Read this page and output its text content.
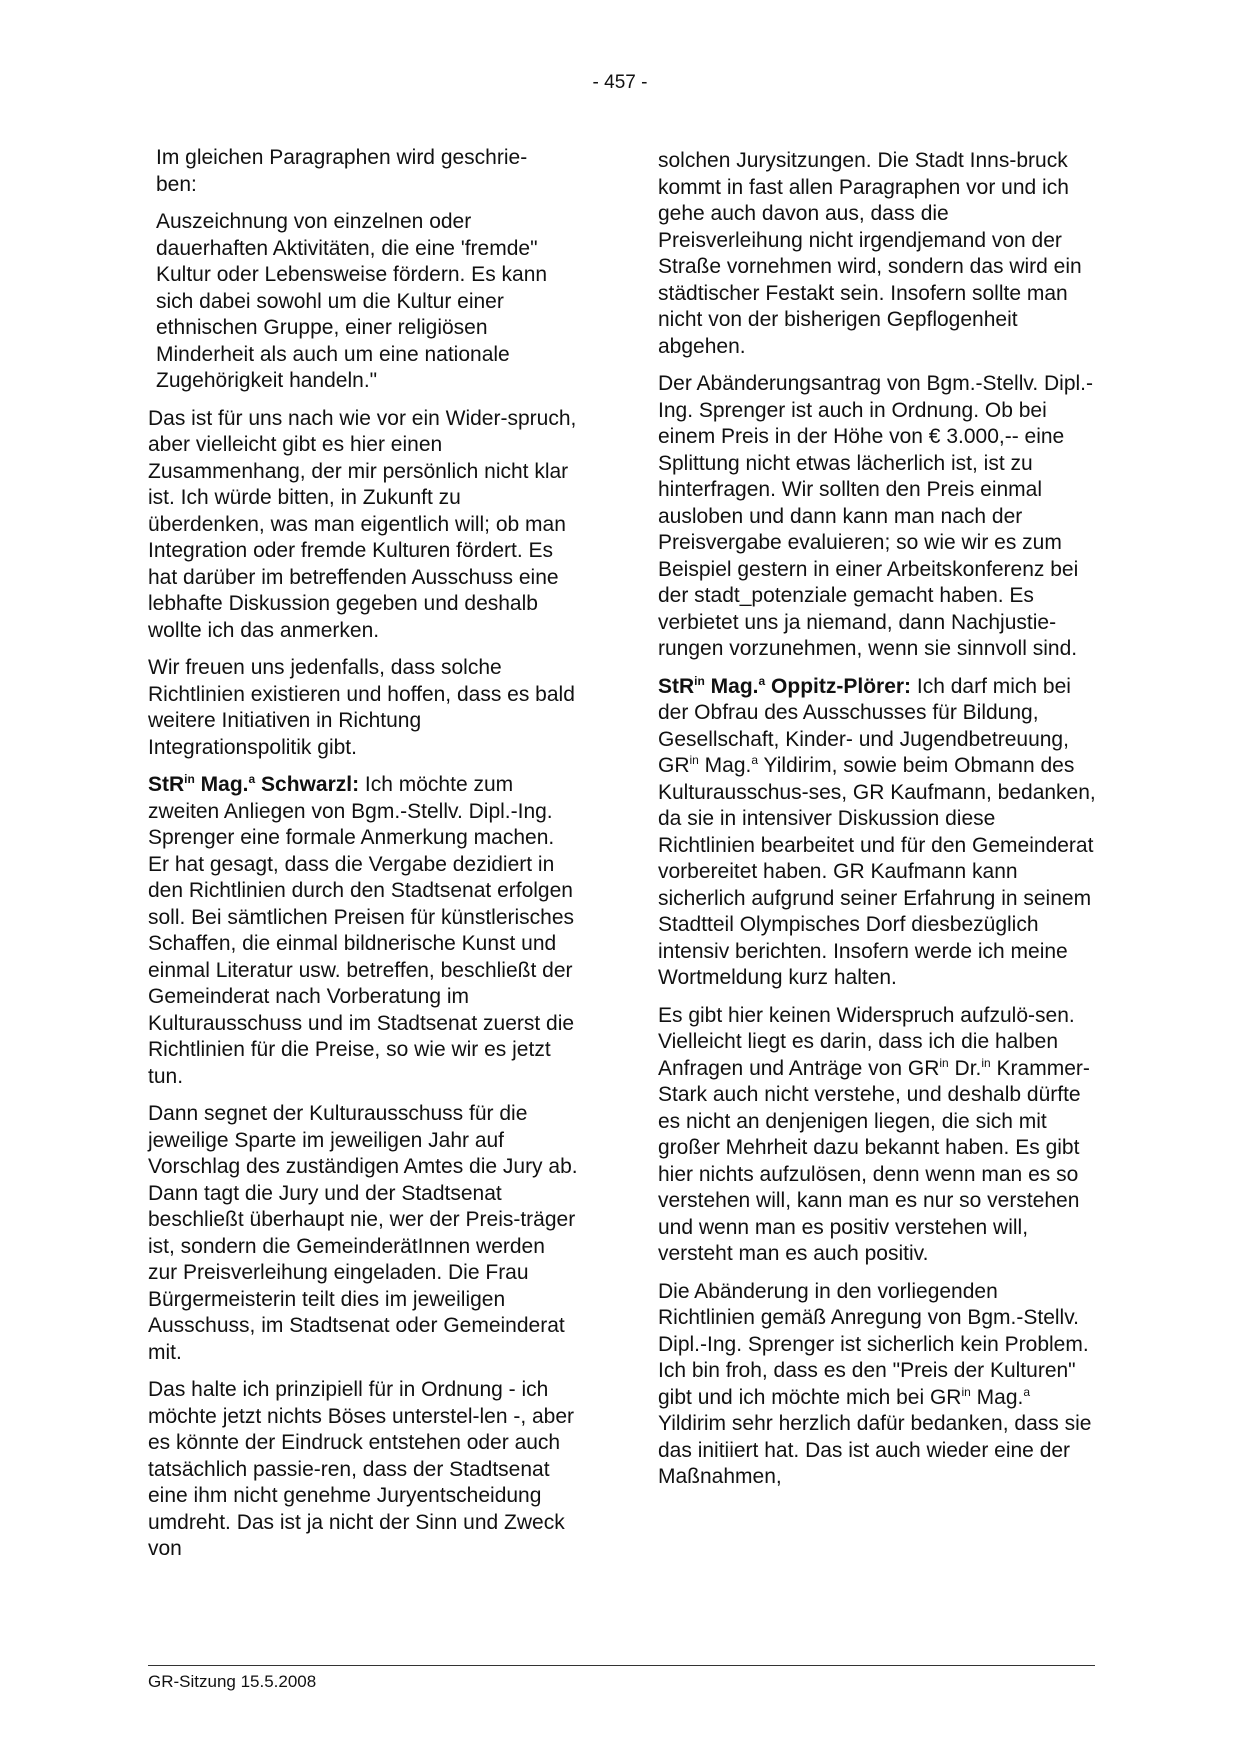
- 457 -

Im gleichen Paragraphen wird geschrie-
ben:

Auszeichnung von einzelnen oder dauerhaften Aktivitäten, die eine 'fremde" Kultur oder Lebensweise fördern. Es kann sich dabei sowohl um die Kultur einer ethnischen Gruppe, einer religiösen Minderheit als auch um eine nationale Zugehörigkeit handeln."

Das ist für uns nach wie vor ein Wider-spruch, aber vielleicht gibt es hier einen Zusammenhang, der mir persönlich nicht klar ist. Ich würde bitten, in Zukunft zu überdenken, was man eigentlich will; ob man Integration oder fremde Kulturen fördert. Es hat darüber im betreffenden Ausschuss eine lebhafte Diskussion gegeben und deshalb wollte ich das anmerken.

Wir freuen uns jedenfalls, dass solche Richtlinien existieren und hoffen, dass es bald weitere Initiativen in Richtung Integrationspolitik gibt.

StR$^{in}$ Mag.$^a$ Schwarzl: Ich möchte zum zweiten Anliegen von Bgm.-Stellv. Dipl.-Ing. Sprenger eine formale Anmerkung machen. Er hat gesagt, dass die Vergabe dezidiert in den Richtlinien durch den Stadtsenat erfolgen soll. Bei sämtlichen Preisen für künstlerisches Schaffen, die einmal bildnerische Kunst und einmal Literatur usw. betreffen, beschließt der Gemeinderat nach Vorberatung im Kulturausschuss und im Stadtsenat zuerst die Richtlinien für die Preise, so wie wir es jetzt tun.

Dann segnet der Kulturausschuss für die jeweilige Sparte im jeweiligen Jahr auf Vorschlag des zuständigen Amtes die Jury ab. Dann tagt die Jury und der Stadtsenat beschließt überhaupt nie, wer der Preis-träger ist, sondern die GemeinderätInnen werden zur Preisverleihung eingeladen. Die Frau Bürgermeisterin teilt dies im jeweiligen Ausschuss, im Stadtsenat oder Gemeinderat mit.

Das halte ich prinzipiell für in Ordnung - ich möchte jetzt nichts Böses unterstel-len -, aber es könnte der Eindruck entstehen oder auch tatsächlich passie-ren, dass der Stadtsenat eine ihm nicht genehme Juryentscheidung umdreht. Das ist ja nicht der Sinn und Zweck von

solchen Jurysitzungen. Die Stadt Inns-bruck kommt in fast allen Paragraphen vor und ich gehe auch davon aus, dass die Preisverleihung nicht irgendjemand von der Straße vornehmen wird, sondern das wird ein städtischer Festakt sein. Insofern sollte man nicht von der bisherigen Gepflogenheit abgehen.

Der Abänderungsantrag von Bgm.-Stellv. Dipl.-Ing. Sprenger ist auch in Ordnung. Ob bei einem Preis in der Höhe von € 3.000,-- eine Splittung nicht etwas lächerlich ist, ist zu hinterfragen. Wir sollten den Preis einmal ausloben und dann kann man nach der Preisvergabe evaluieren; so wie wir es zum Beispiel gestern in einer Arbeitskonferenz bei der stadt_potenziale gemacht haben. Es verbietet uns ja niemand, dann Nachjustie-rungen vorzunehmen, wenn sie sinnvoll sind.

StR$^{in}$ Mag.$^a$ Oppitz-Plörer: Ich darf mich bei der Obfrau des Ausschusses für Bildung, Gesellschaft, Kinder- und Jugendbetreuung, $GR^{in}$ Mag.$^a$ Yildirim, sowie beim Obmann des Kulturausschus-ses, GR Kaufmann, bedanken, da sie in intensiver Diskussion diese Richtlinien bearbeitet und für den Gemeinderat vorbereitet haben. GR Kaufmann kann sicherlich aufgrund seiner Erfahrung in seinem Stadtteil Olympisches Dorf diesbezüglich intensiv berichten. Insofern werde ich meine Wortmeldung kurz halten.

Es gibt hier keinen Widerspruch aufzulö-sen. Vielleicht liegt es darin, dass ich die halben Anfragen und Anträge von $GR^{in}$ Dr.$^{in}$ Krammer-Stark auch nicht verstehe, und deshalb dürfte es nicht an denjenigen liegen, die sich mit großer Mehrheit dazu bekannt haben. Es gibt hier nichts aufzulösen, denn wenn man es so verstehen will, kann man es nur so verstehen und wenn man es positiv verstehen will, versteht man es auch positiv.

Die Abänderung in den vorliegenden Richtlinien gemäß Anregung von Bgm.-Stellv. Dipl.-Ing. Sprenger ist sicherlich kein Problem. Ich bin froh, dass es den "Preis der Kulturen" gibt und ich möchte mich bei $GR^{in}$ Mag.$^a$ Yildirim sehr herzlich dafür bedanken, dass sie das initiiert hat. Das ist auch wieder eine der Maßnahmen,

GR-Sitzung 15.5.2008
